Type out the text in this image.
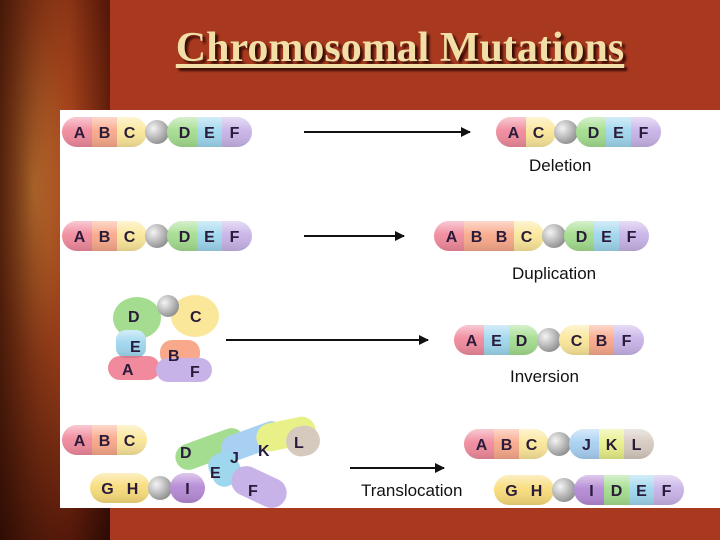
Chromosomal Mutations
D	C
E
B
A	F
D J K L
E
F
A B C	D E F	A C	D E F
A B C	D E F	A B B C	D E F
A E D	C B F
A B C
G H	I
A B C	J K L
G H	I D E F
Deletion
Duplication
Inversion
Translocation
